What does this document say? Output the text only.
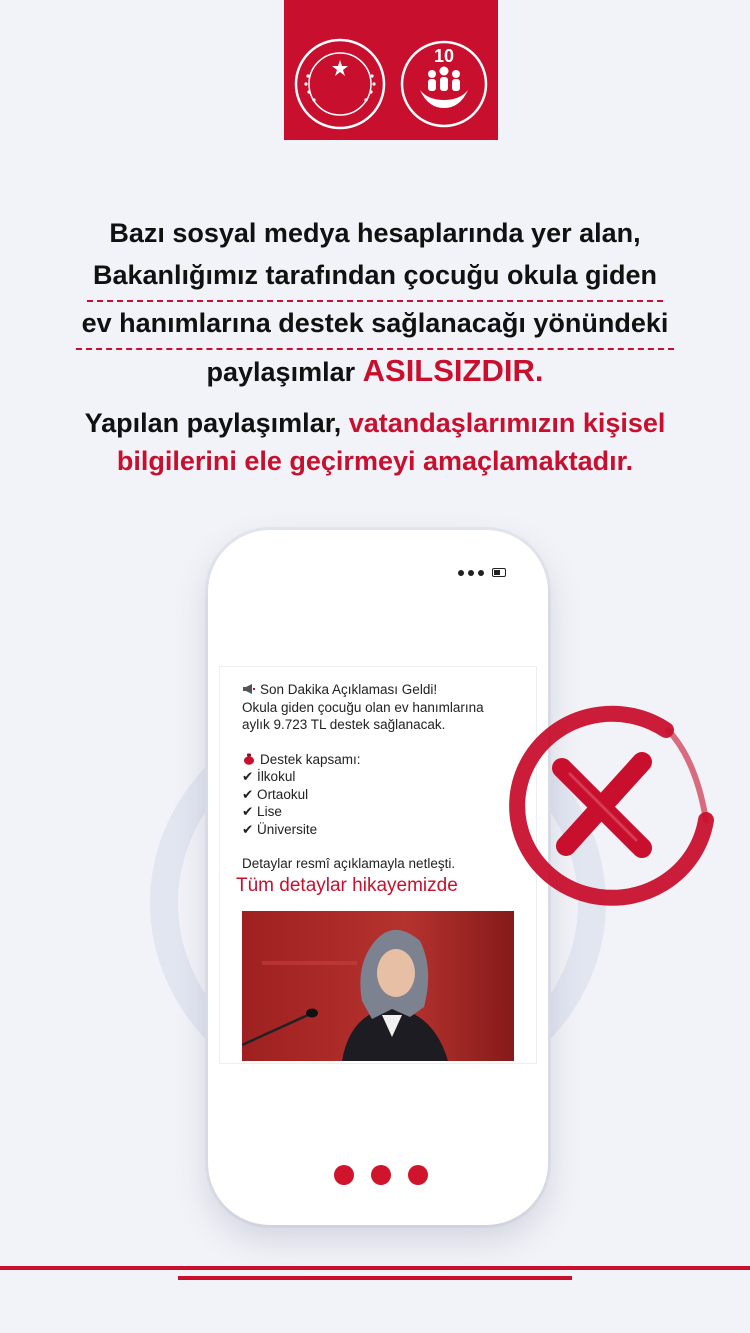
10
Bazı sosyal medya hesaplarında yer alan,
Bakanlığımız tarafından çocuğu okula giden
ev hanımlarına destek sağlanacağı yönündeki
paylaşımlar ASILSIZDIR.
Yapılan paylaşımlar, vatandaşlarımızın kişisel
bilgilerini ele geçirmeyi amaçlamaktadır.

Son Dakika Açıklaması Geldi!

Okula giden çocuğu olan ev hanımlarına

aylık 9.723 TL destek sağlanacak.

Destek kapsamı:

✔ İlkokul

✔ Ortaokul

✔ Lise

✔ Üniversite

Detaylar resmî açıklamayla netleşti.

Tüm detaylar hikayemizde
